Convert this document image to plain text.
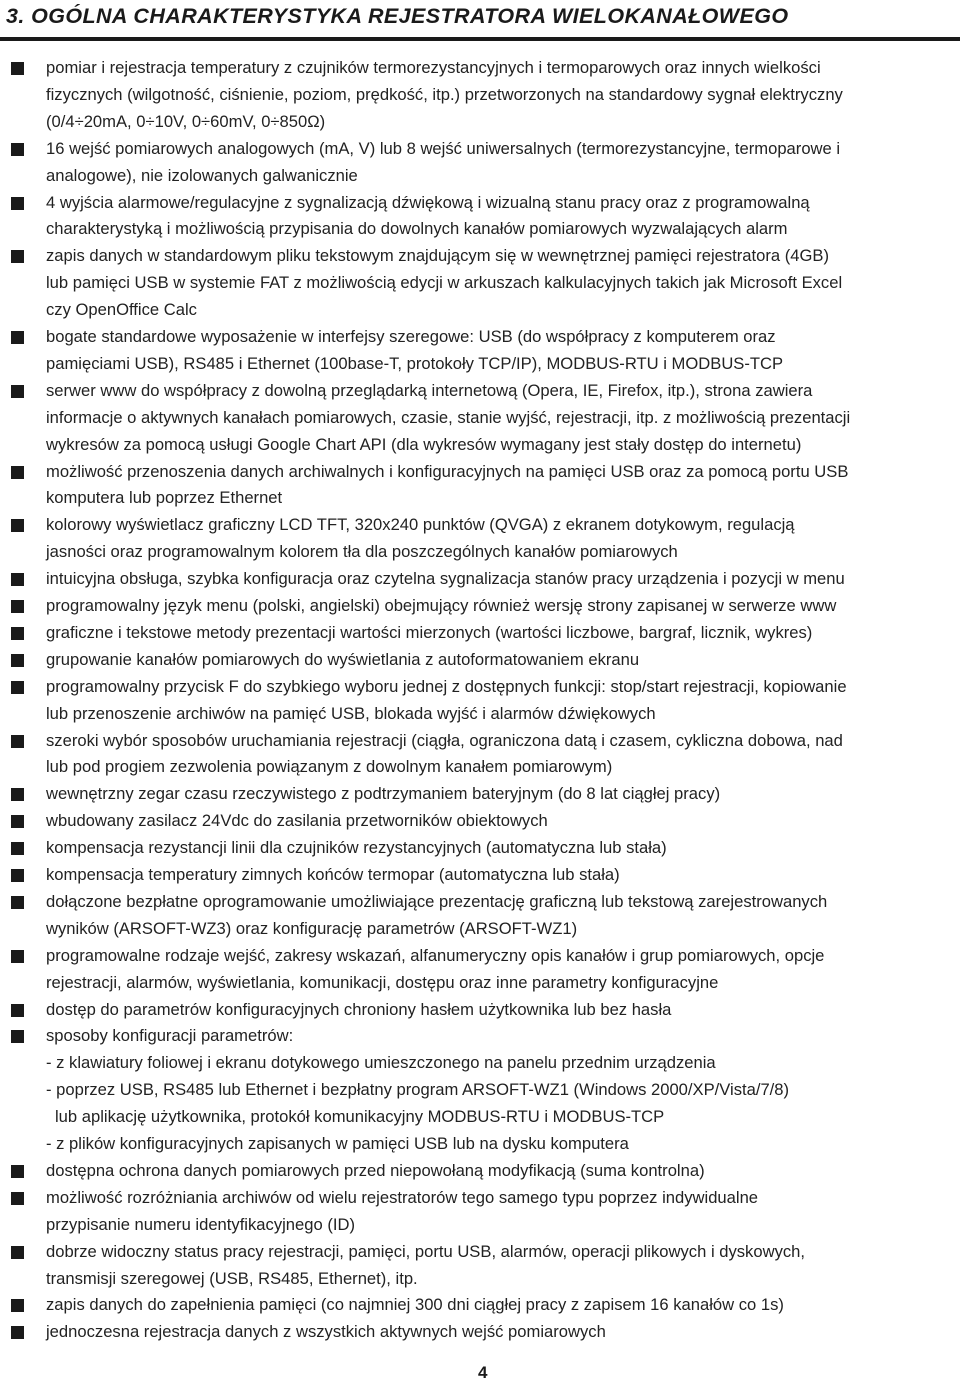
3. OGÓLNA CHARAKTERYSTYKA REJESTRATORA WIELOKANAŁOWEGO
pomiar i rejestracja temperatury z czujników termorezystancyjnych i termoparowych oraz innych wielkości
fizycznych (wilgotność, ciśnienie, poziom, prędkość, itp.) przetworzonych na standardowy sygnał elektryczny
(0/4÷20mA, 0÷10V, 0÷60mV, 0÷850Ω)
16 wejść pomiarowych analogowych (mA, V) lub 8 wejść uniwersalnych (termorezystancyjne, termoparowe i
analogowe), nie izolowanych galwanicznie
4 wyjścia alarmowe/regulacyjne z sygnalizacją dźwiękową i wizualną stanu pracy oraz z programowalną
charakterystyką i możliwością przypisania do dowolnych kanałów pomiarowych wyzwalających alarm
zapis danych w standardowym pliku tekstowym znajdującym się w wewnętrznej pamięci rejestratora (4GB)
lub pamięci USB w systemie FAT z możliwością edycji w arkuszach kalkulacyjnych takich jak Microsoft Excel
czy OpenOffice Calc
bogate standardowe wyposażenie w interfejsy szeregowe: USB (do współpracy z komputerem oraz
pamięciami USB), RS485 i Ethernet (100base-T, protokoły TCP/IP), MODBUS-RTU i MODBUS-TCP
serwer www do współpracy z dowolną przeglądarką internetową (Opera, IE, Firefox, itp.), strona zawiera
informacje o aktywnych kanałach pomiarowych, czasie, stanie wyjść, rejestracji, itp. z możliwością prezentacji
wykresów za pomocą usługi Google Chart API (dla wykresów wymagany jest stały dostęp do internetu)
możliwość przenoszenia danych archiwalnych i konfiguracyjnych na pamięci USB oraz za pomocą portu USB
komputera lub poprzez Ethernet
kolorowy wyświetlacz graficzny LCD TFT, 320x240 punktów (QVGA) z ekranem dotykowym, regulacją
jasności oraz programowalnym kolorem tła dla poszczególnych kanałów pomiarowych
intuicyjna obsługa, szybka konfiguracja oraz czytelna sygnalizacja stanów pracy urządzenia i pozycji w menu
programowalny język menu (polski, angielski) obejmujący również wersję strony zapisanej w serwerze www
graficzne i tekstowe metody prezentacji wartości mierzonych (wartości liczbowe, bargraf, licznik, wykres)
grupowanie kanałów pomiarowych do wyświetlania z autoformatowaniem ekranu
programowalny przycisk F do szybkiego wyboru jednej z dostępnych funkcji: stop/start rejestracji, kopiowanie
lub przenoszenie archiwów na pamięć USB, blokada wyjść i alarmów dźwiękowych
szeroki wybór sposobów uruchamiania rejestracji (ciągła, ograniczona datą i czasem, cykliczna dobowa, nad
lub pod progiem zezwolenia powiązanym z dowolnym kanałem pomiarowym)
wewnętrzny zegar czasu rzeczywistego z podtrzymaniem bateryjnym (do 8 lat ciągłej pracy)
wbudowany zasilacz 24Vdc do zasilania przetworników obiektowych
kompensacja rezystancji linii dla czujników rezystancyjnych (automatyczna lub stała)
kompensacja temperatury zimnych końców termopar (automatyczna lub stała)
dołączone bezpłatne oprogramowanie umożliwiające prezentację graficzną lub tekstową zarejestrowanych
wyników (ARSOFT-WZ3) oraz konfigurację parametrów (ARSOFT-WZ1)
programowalne rodzaje wejść, zakresy wskazań, alfanumeryczny opis kanałów i grup pomiarowych, opcje
rejestracji, alarmów, wyświetlania, komunikacji, dostępu oraz inne parametry konfiguracyjne
dostęp do parametrów konfiguracyjnych chroniony hasłem użytkownika lub bez hasła
sposoby konfiguracji parametrów:
- z klawiatury foliowej i ekranu dotykowego umieszczonego na panelu przednim urządzenia
- poprzez USB, RS485 lub Ethernet i bezpłatny program ARSOFT-WZ1 (Windows 2000/XP/Vista/7/8)
lub aplikację użytkownika, protokół komunikacyjny MODBUS-RTU i MODBUS-TCP
- z plików konfiguracyjnych zapisanych w pamięci USB lub na dysku komputera
dostępna ochrona danych pomiarowych przed niepowołaną modyfikacją (suma kontrolna)
możliwość rozróżniania archiwów od wielu rejestratorów tego samego typu poprzez indywidualne
przypisanie numeru identyfikacyjnego (ID)
dobrze widoczny status pracy rejestracji, pamięci, portu USB, alarmów, operacji plikowych i dyskowych,
transmisji szeregowej (USB, RS485, Ethernet), itp.
zapis danych do zapełnienia pamięci (co najmniej 300 dni ciągłej pracy z zapisem 16 kanałów co 1s)
jednoczesna rejestracja danych z wszystkich aktywnych wejść pomiarowych
4
